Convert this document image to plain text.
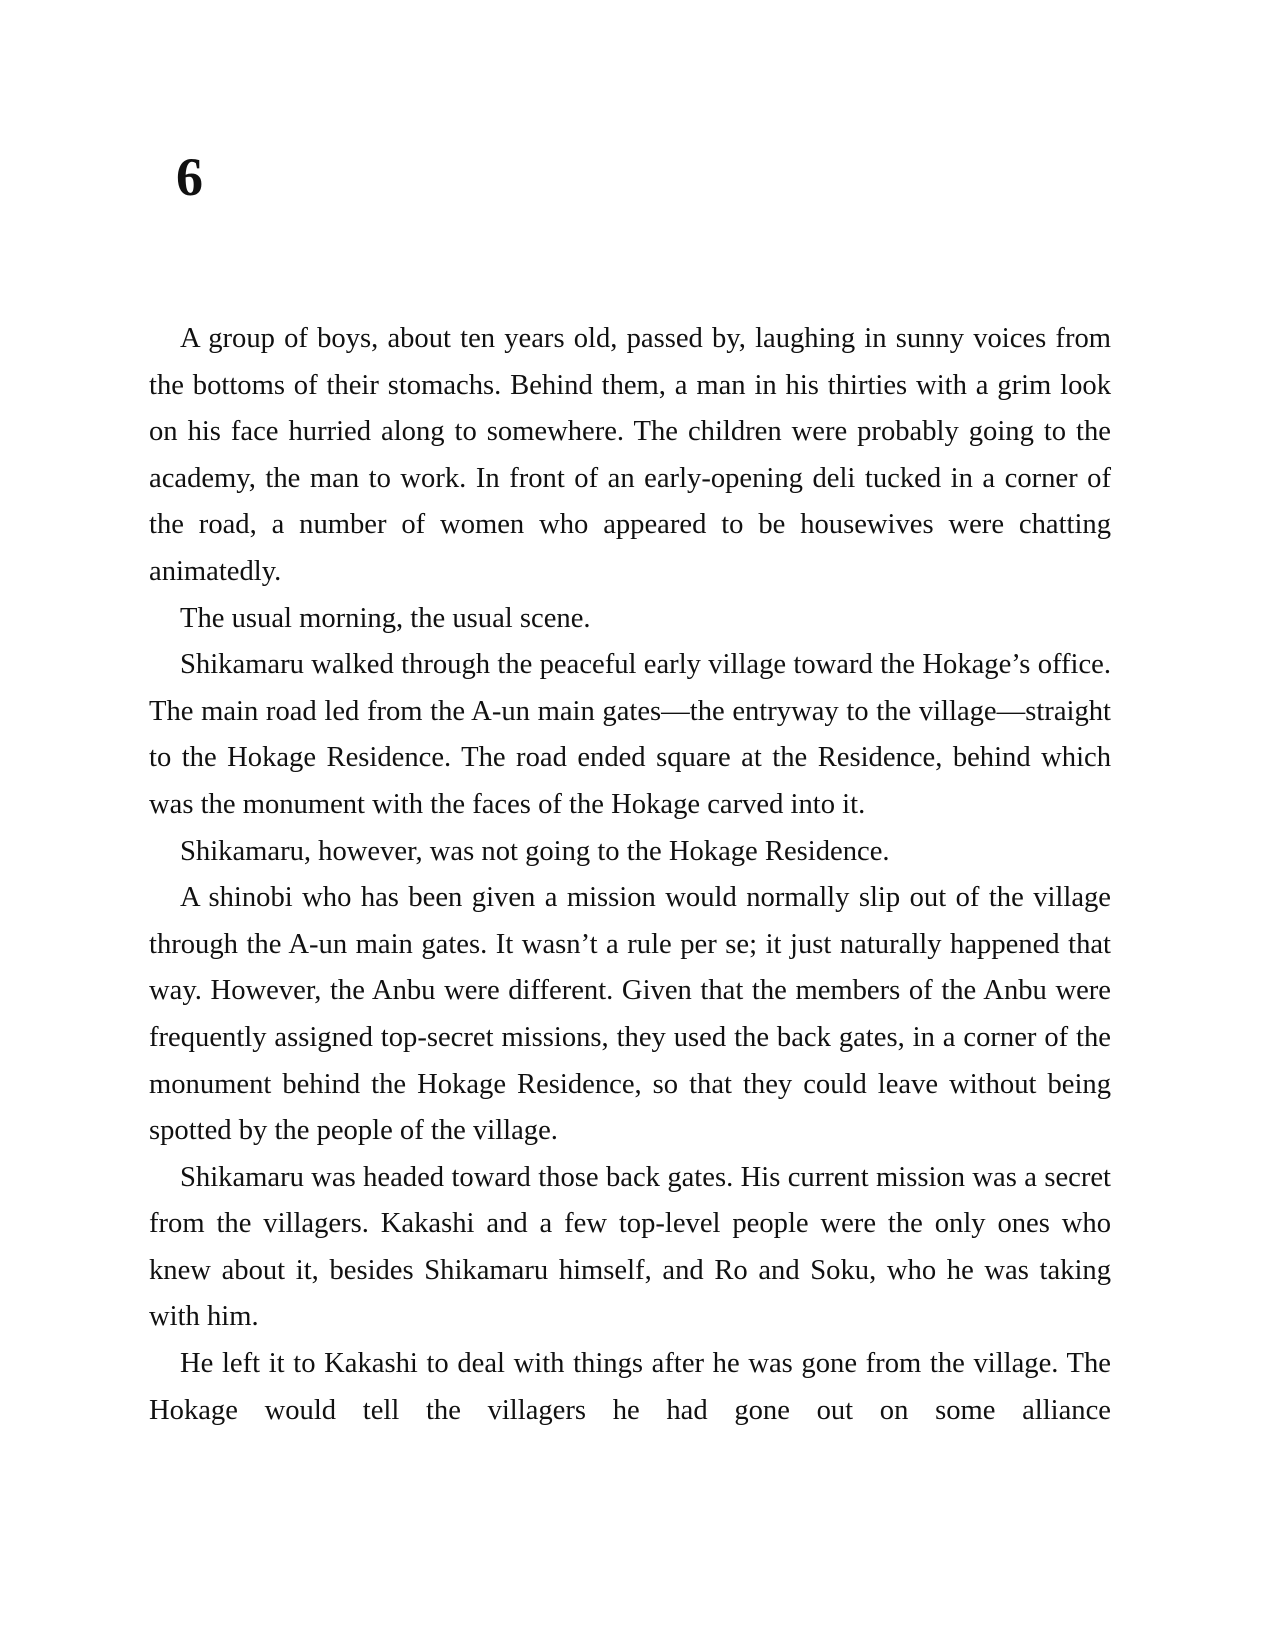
6

A group of boys, about ten years old, passed by, laughing in sunny voices from the bottoms of their stomachs. Behind them, a man in his thirties with a grim look on his face hurried along to somewhere. The children were probably going to the academy, the man to work. In front of an early-opening deli tucked in a corner of the road, a number of women who appeared to be housewives were chatting animatedly.

The usual morning, the usual scene.

Shikamaru walked through the peaceful early village toward the Hokage’s office. The main road led from the A-un main gates—the entryway to the village—straight to the Hokage Residence. The road ended square at the Residence, behind which was the monument with the faces of the Hokage carved into it.

Shikamaru, however, was not going to the Hokage Residence.

A shinobi who has been given a mission would normally slip out of the village through the A-un main gates. It wasn’t a rule per se; it just naturally happened that way. However, the Anbu were different. Given that the members of the Anbu were frequently assigned top-secret missions, they used the back gates, in a corner of the monument behind the Hokage Residence, so that they could leave without being spotted by the people of the village.

Shikamaru was headed toward those back gates. His current mission was a secret from the villagers. Kakashi and a few top-level people were the only ones who knew about it, besides Shikamaru himself, and Ro and Soku, who he was taking with him.

He left it to Kakashi to deal with things after he was gone from the village. The Hokage would tell the villagers he had gone out on some alliance
